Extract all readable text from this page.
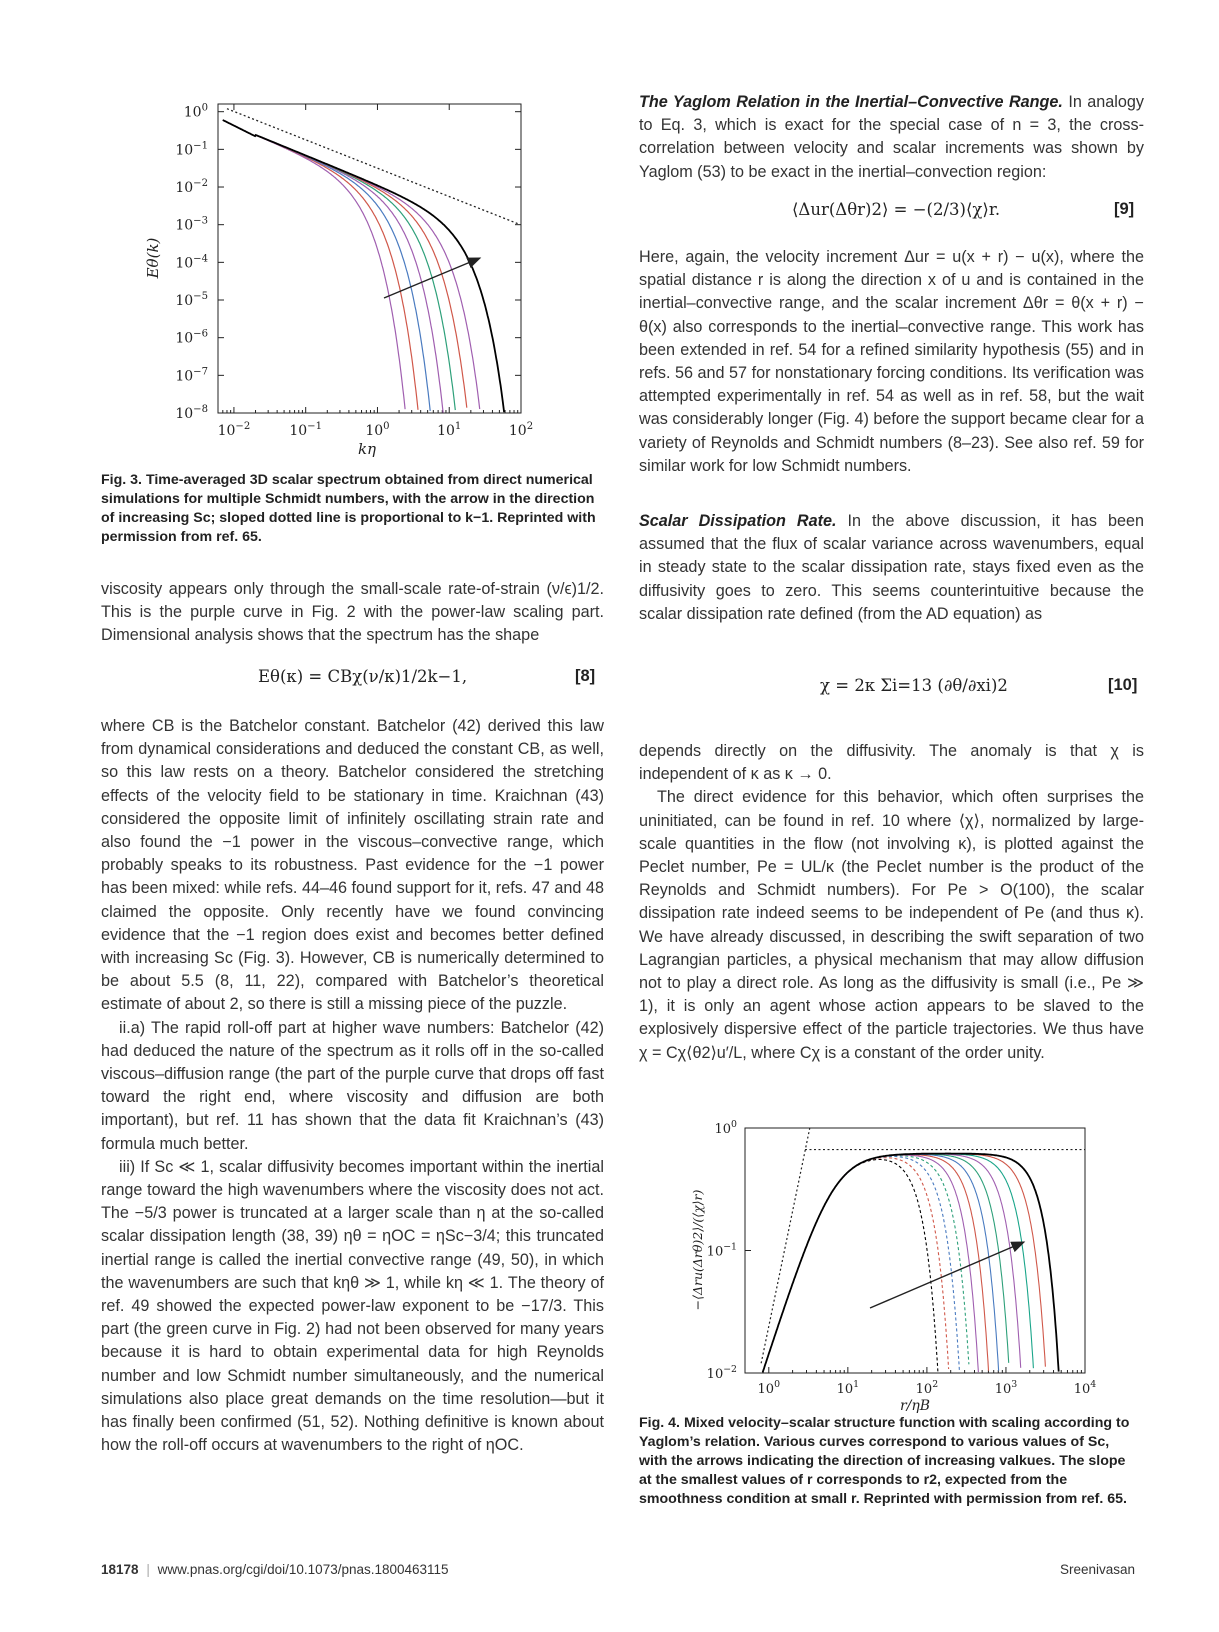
$10^0$
$10^{-1}$
$10^{-2}$
$10^{-3}$
$10^{-4}$
$10^{-5}$
$10^{-6}$
$10^{-7}$
$10^{-8}$
$10^{-2}$	$10^{-1}$	$10^0$	$10^1$	$10^2$
kη
Eθ(k)
Fig. 3. Time-averaged 3D scalar spectrum obtained from direct numerical simulations for multiple Schmidt numbers, with the arrow in the direction of increasing Sc; sloped dotted line is proportional to k−1. Reprinted with permission from ref. 65.

viscosity appears only through the small-scale rate-of-strain (ν/ϵ)1/2. This is the purple curve in Fig. 2 with the power-law scaling part. Dimensional analysis shows that the spectrum has the shape

Eθ(κ) = CBχ(ν/κ)1/2k−1,	[8]

where CB is the Batchelor constant. Batchelor (42) derived this law from dynamical considerations and deduced the constant CB, as well, so this law rests on a theory. Batchelor considered the stretching effects of the velocity field to be stationary in time. Kraichnan (43) considered the opposite limit of infinitely oscillating strain rate and also found the −1 power in the viscous–convective range, which probably speaks to its robustness. Past evidence for the −1 power has been mixed: while refs. 44–46 found support for it, refs. 47 and 48 claimed the opposite. Only recently have we found convincing evidence that the −1 region does exist and becomes better defined with increasing Sc (Fig. 3). However, CB is numerically determined to be about 5.5 (8, 11, 22), compared with Batchelor’s theoretical estimate of about 2, so there is still a missing piece of the puzzle.

ii.a) The rapid roll-off part at higher wave numbers: Batchelor (42) had deduced the nature of the spectrum as it rolls off in the so-called viscous–diffusion range (the part of the purple curve that drops off fast toward the right end, where viscosity and diffusion are both important), but ref. 11 has shown that the data fit Kraichnan’s (43) formula much better.

iii) If Sc ≪ 1, scalar diffusivity becomes important within the inertial range toward the high wavenumbers where the viscosity does not act. The −5/3 power is truncated at a larger scale than η at the so-called scalar dissipation length (38, 39) ηθ = ηOC = ηSc−3/4; this truncated inertial range is called the inertial convective range (49, 50), in which the wavenumbers are such that kηθ ≫ 1, while kη ≪ 1. The theory of ref. 49 showed the expected power-law exponent to be −17/3. This part (the green curve in Fig. 2) had not been observed for many years because it is hard to obtain experimental data for high Reynolds number and low Schmidt number simultaneously, and the numerical simulations also place great demands on the time resolution—but it has finally been confirmed (51, 52). Nothing definitive is known about how the roll-off occurs at wavenumbers to the right of ηOC.

The Yaglom Relation in the Inertial–Convective Range. In analogy to Eq. 3, which is exact for the special case of n = 3, the cross-correlation between velocity and scalar increments was shown by Yaglom (53) to be exact in the inertial–convection region:

⟨Δur(Δθr)2⟩ = −(2/3)⟨χ⟩r.	[9]

Here, again, the velocity increment Δur = u(x + r) − u(x), where the spatial distance r is along the direction x of u and is contained in the inertial–convective range, and the scalar increment Δθr = θ(x + r) − θ(x) also corresponds to the inertial–convective range. This work has been extended in ref. 54 for a refined similarity hypothesis (55) and in refs. 56 and 57 for nonstationary forcing conditions. Its verification was attempted experimentally in ref. 54 as well as in ref. 58, but the wait was considerably longer (Fig. 4) before the support became clear for a variety of Reynolds and Schmidt numbers (8–23). See also ref. 59 for similar work for low Schmidt numbers.

Scalar Dissipation Rate. In the above discussion, it has been assumed that the flux of scalar variance across wavenumbers, equal in steady state to the scalar dissipation rate, stays fixed even as the diffusivity goes to zero. This seems counterintuitive because the scalar dissipation rate defined (from the AD equation) as

χ = 2κ Σi=13 (∂θ/∂xi)2	[10]

depends directly on the diffusivity. The anomaly is that χ is independent of κ as κ → 0.

The direct evidence for this behavior, which often surprises the uninitiated, can be found in ref. 10 where ⟨χ⟩, normalized by large-scale quantities in the flow (not involving κ), is plotted against the Peclet number, Pe = UL/κ (the Peclet number is the product of the Reynolds and Schmidt numbers). For Pe > O(100), the scalar dissipation rate indeed seems to be independent of Pe (and thus κ). We have already discussed, in describing the swift separation of two Lagrangian particles, a physical mechanism that may allow diffusion not to play a direct role. As long as the diffusivity is small (i.e., Pe ≫ 1), it is only an agent whose action appears to be slaved to the explosively dispersive effect of the particle trajectories. We thus have χ = Cχ⟨θ2⟩u′/L, where Cχ is a constant of the order unity.

$10^0$
$10^{-1}$
$10^{-2}$
$10^0$	$10^1$	$10^2$	$10^3$	$10^4$
r/ηB
−⟨Δru(Δrθ)2⟩/(⟨χ⟩r)
Fig. 4. Mixed velocity–scalar structure function with scaling according to Yaglom’s relation. Various curves correspond to various values of Sc, with the arrows indicating the direction of increasing valkues. The slope at the smallest values of r corresponds to r2, expected from the smoothness condition at small r. Reprinted with permission from ref. 65.
18178 | www.pnas.org/cgi/doi/10.1073/pnas.1800463115	Sreenivasan
